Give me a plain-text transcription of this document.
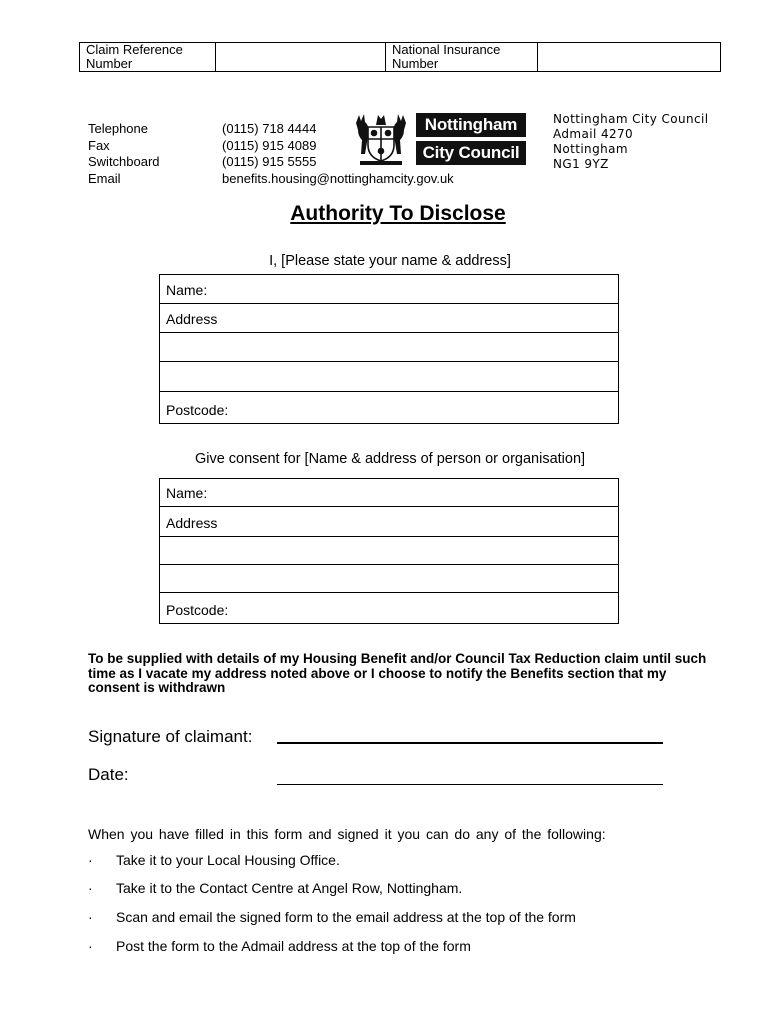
Claim Reference Number
National Insurance Number
Telephone	(0115) 718 4444
Fax	(0115) 915 4089
Switchboard	(0115) 915 5555
Email	benefits.housing@nottinghamcity.gov.uk
Nottingham
City Council
Nottingham City Council
Admail 4270
Nottingham
NG1 9YZ
Authority To Disclose
I, [Please state your name & address]
Name:
Address
Postcode:
Give consent for [Name & address of person or organisation]
Name:
Address
Postcode:
To be supplied with details of my Housing Benefit and/or Council Tax Reduction claim until such time as I vacate my address noted above or I choose to notify the Benefits section that my consent is withdrawn
Signature of claimant:
Date:
When you have filled in this form and signed it you can do any of the following:
· Take it to your Local Housing Office.
· Take it to the Contact Centre at Angel Row, Nottingham.
· Scan and email the signed form to the email address at the top of the form
· Post the form to the Admail address at the top of the form
